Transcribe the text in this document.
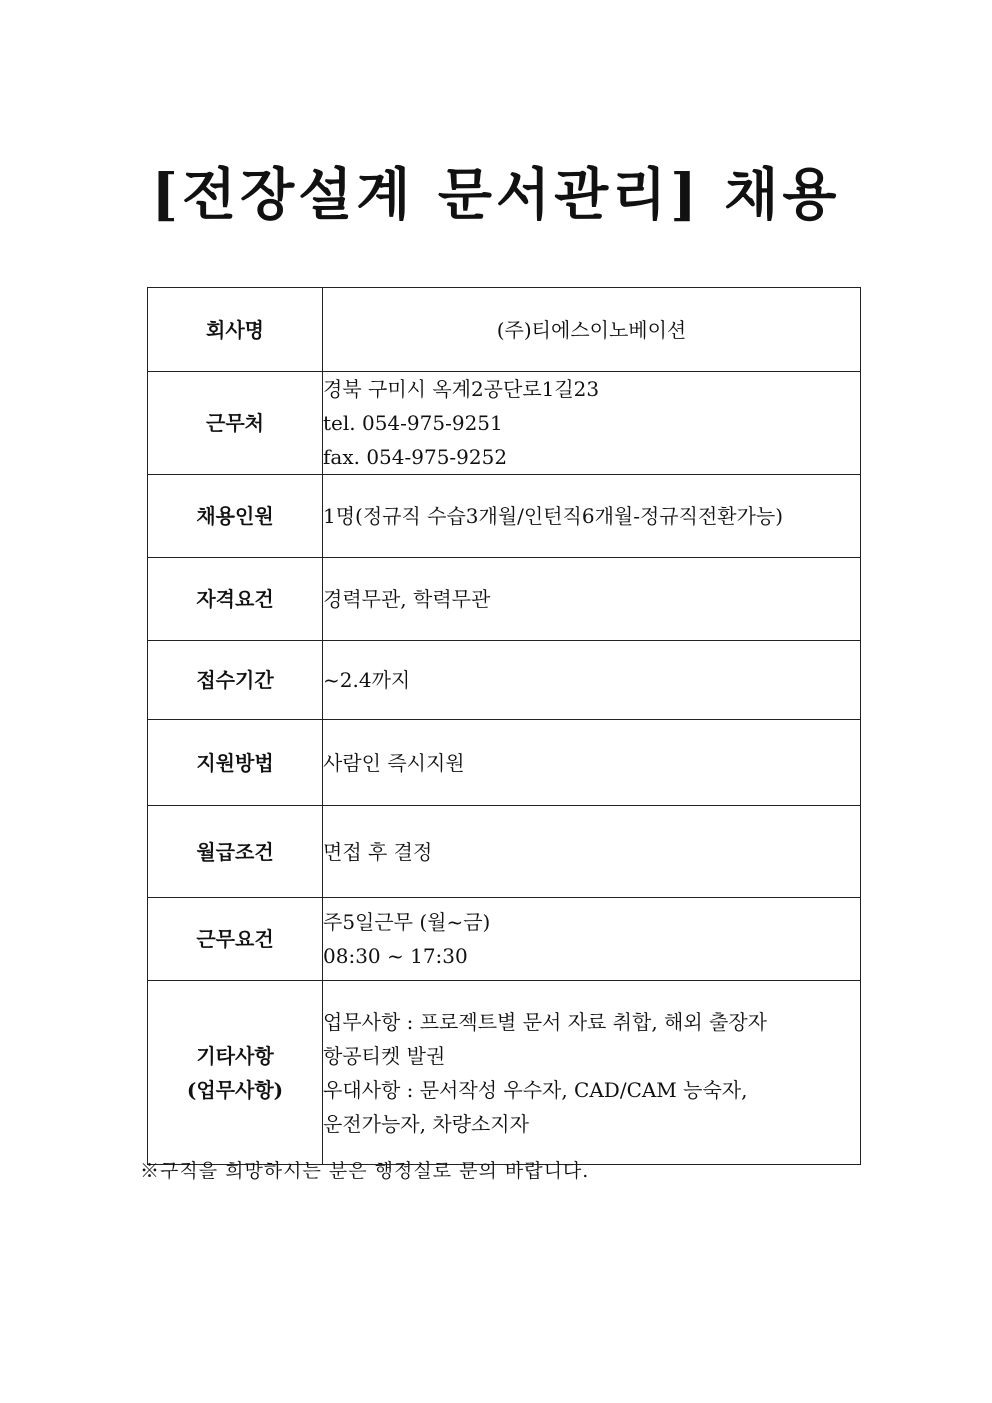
[전장설계 문서관리] 채용
회사명	(주)티에스이노베이션
근무처	경북 구미시 옥계2공단로1길23
tel. 054-975-9251
fax. 054-975-9252

채용인원	1명(정규직 수습3개월/인턴직6개월-정규직전환가능)
자격요건	경력무관, 학력무관
접수기간	~2.4까지
지원방법	사람인 즉시지원
월급조건	면접 후 결정
근무요건	주5일근무 (월~금)
08:30 ~ 17:30

기타사항
(업무사항)	업무사항 : 프로젝트별 문서 자료 취합, 해외 출장자
항공티켓 발권
우대사항 : 문서작성 우수자, CAD/CAM 능숙자,
운전가능자, 차량소지자
※구직을 희망하시는 분은 행정실로 문의 바랍니다.
